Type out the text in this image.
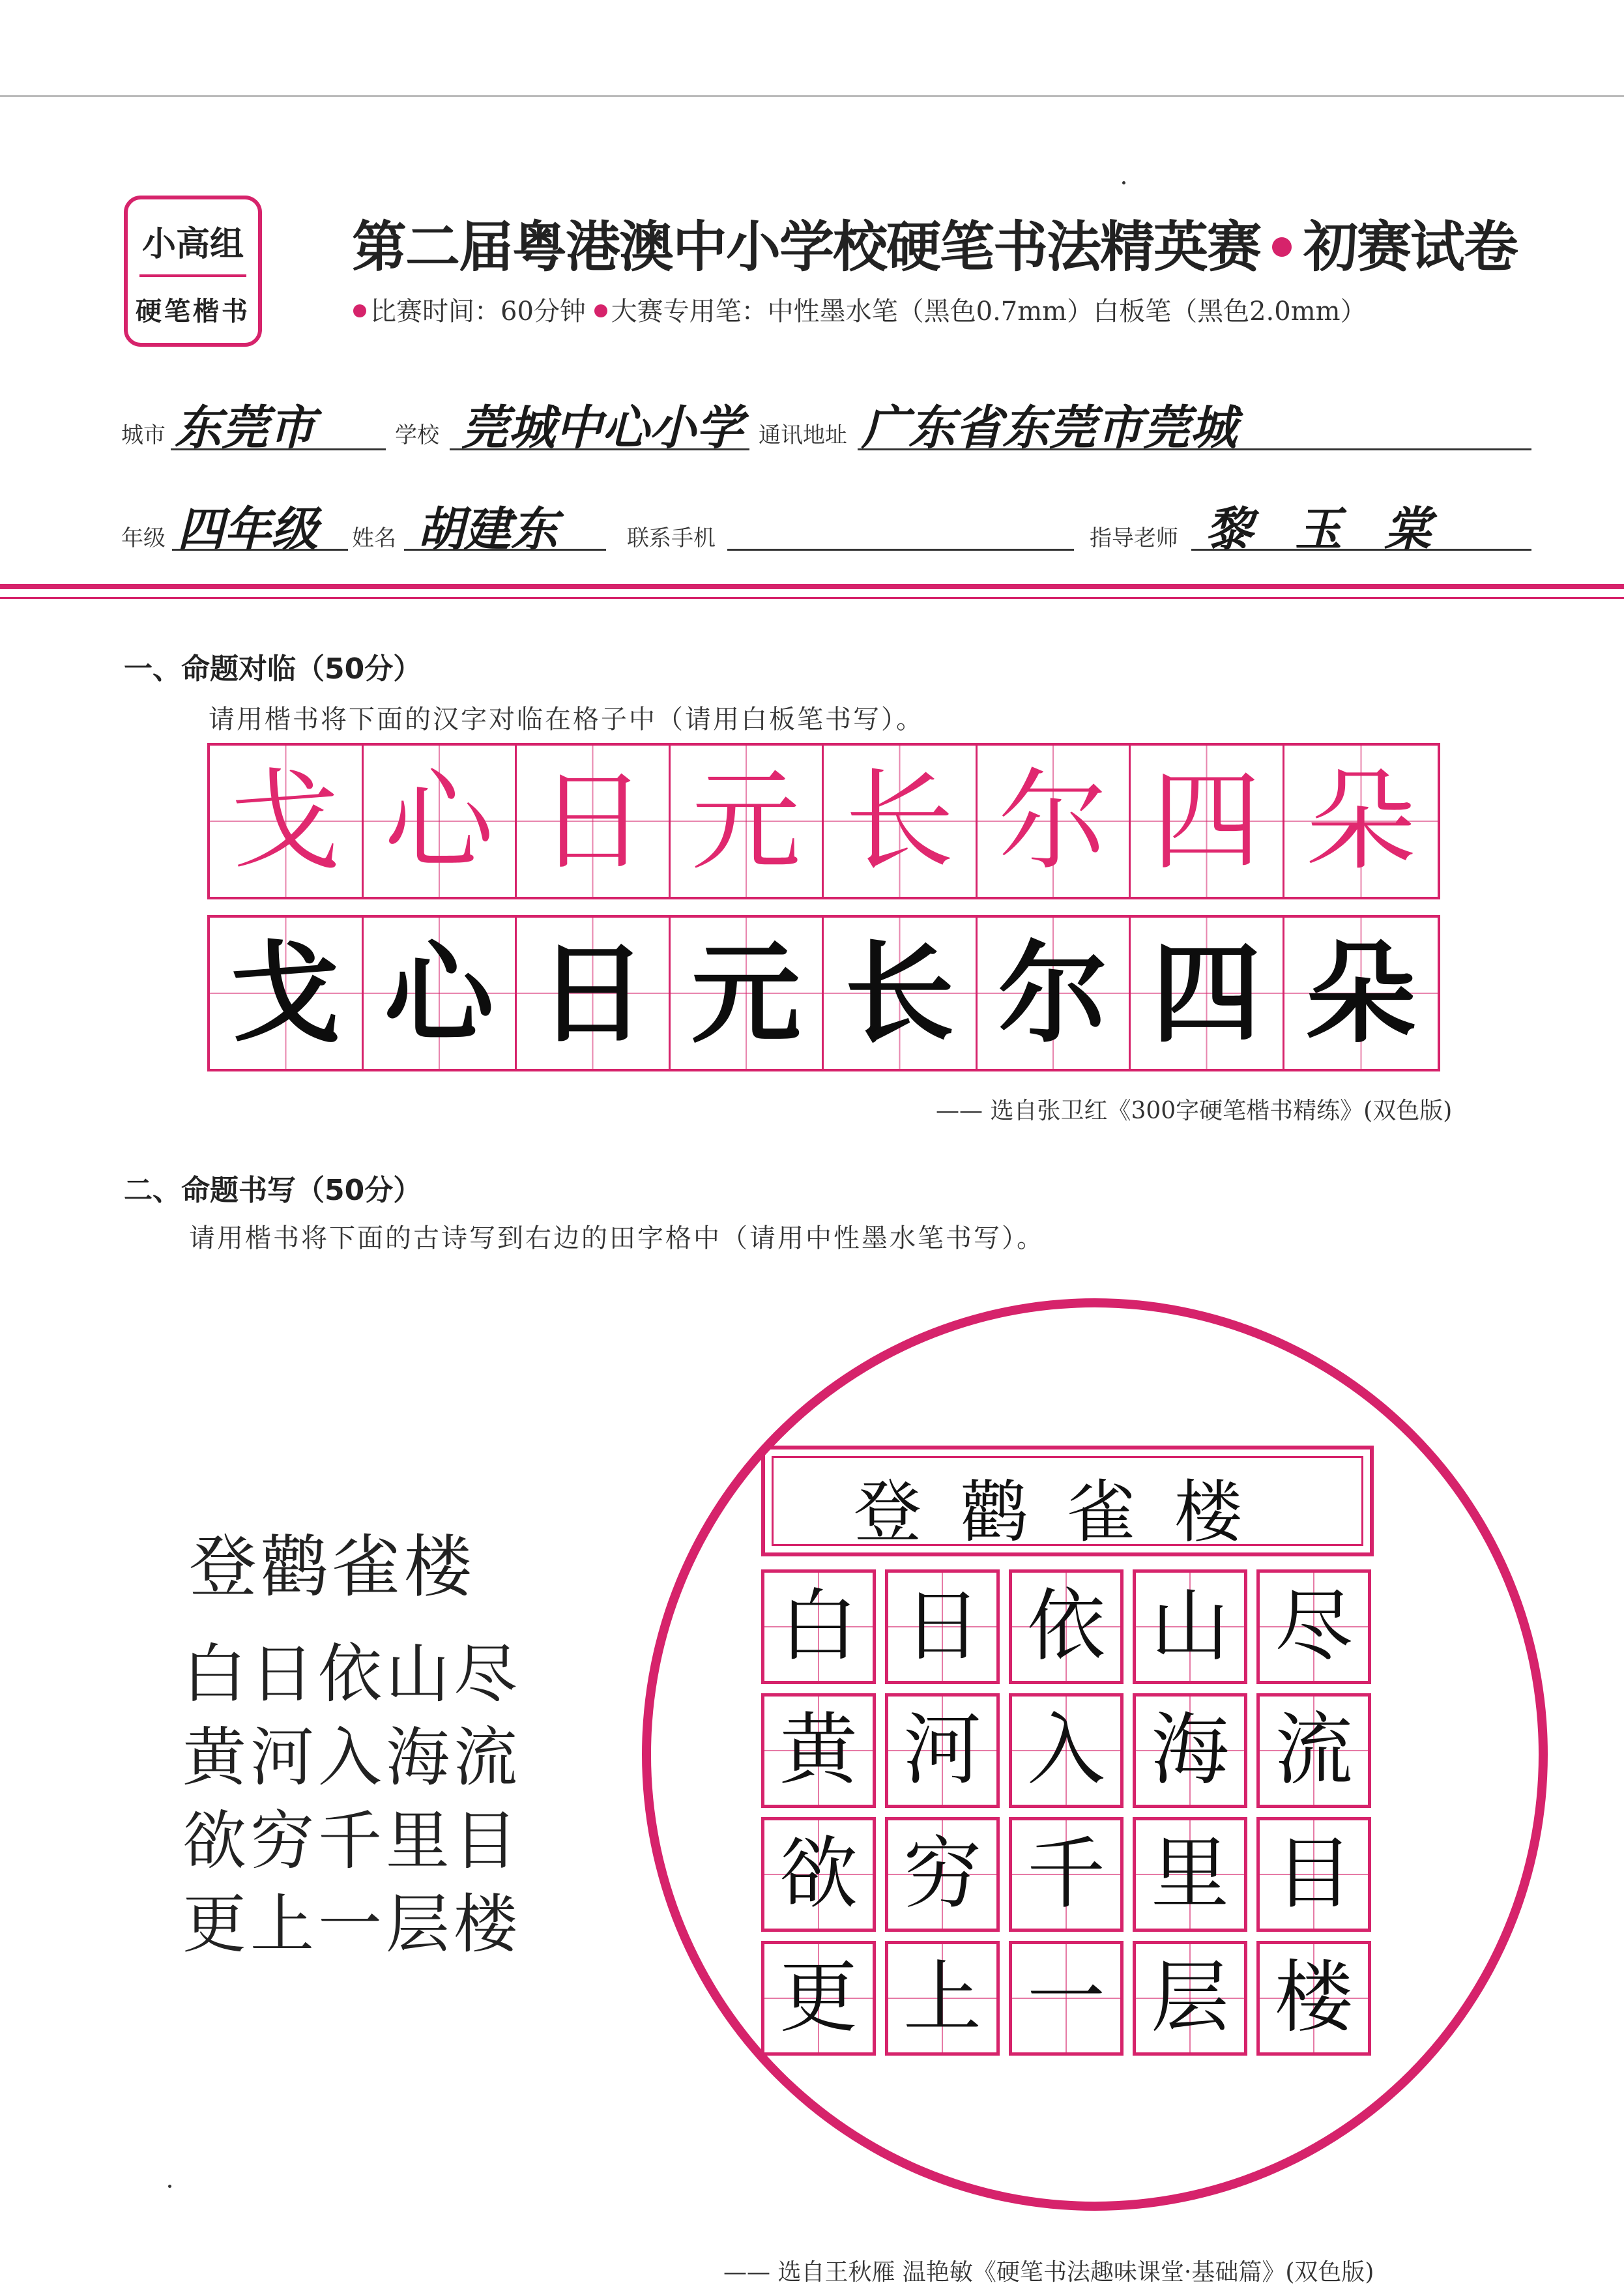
小高组
硬笔楷书
第二届粤港澳中小学校硬笔书法精英赛 初赛试卷
比赛时间：60分钟 大赛专用笔：中性墨水笔（黑色0.7mm）白板笔（黑色2.0mm）
城市 东莞市	学校 莞城中心小学 通讯地址 广东省东莞市莞城
年级 四年级 姓名 胡建东	联系手机	指导老师 黎 玉 棠
一、命题对临（50分）
请用楷书将下面的汉字对临在格子中（请用白板笔书写）。
戈 心 日 元 长 尔 四 朵
戈 心 日 元 长 尔 四 朵
—— 选自张卫红《300字硬笔楷书精练》(双色版)
二、命题书写（50分）
请用楷书将下面的古诗写到右边的田字格中（请用中性墨水笔书写）。
登鹳雀楼
白日依山尽
黄河入海流
欲穷千里目
更上一层楼
登鹳雀楼
白 日 依 山 尽
黄 河 入 海 流
欲 穷 千 里 目
更 上 一 层 楼
—— 选自王秋雁 温艳敏《硬笔书法趣味课堂·基础篇》(双色版)
